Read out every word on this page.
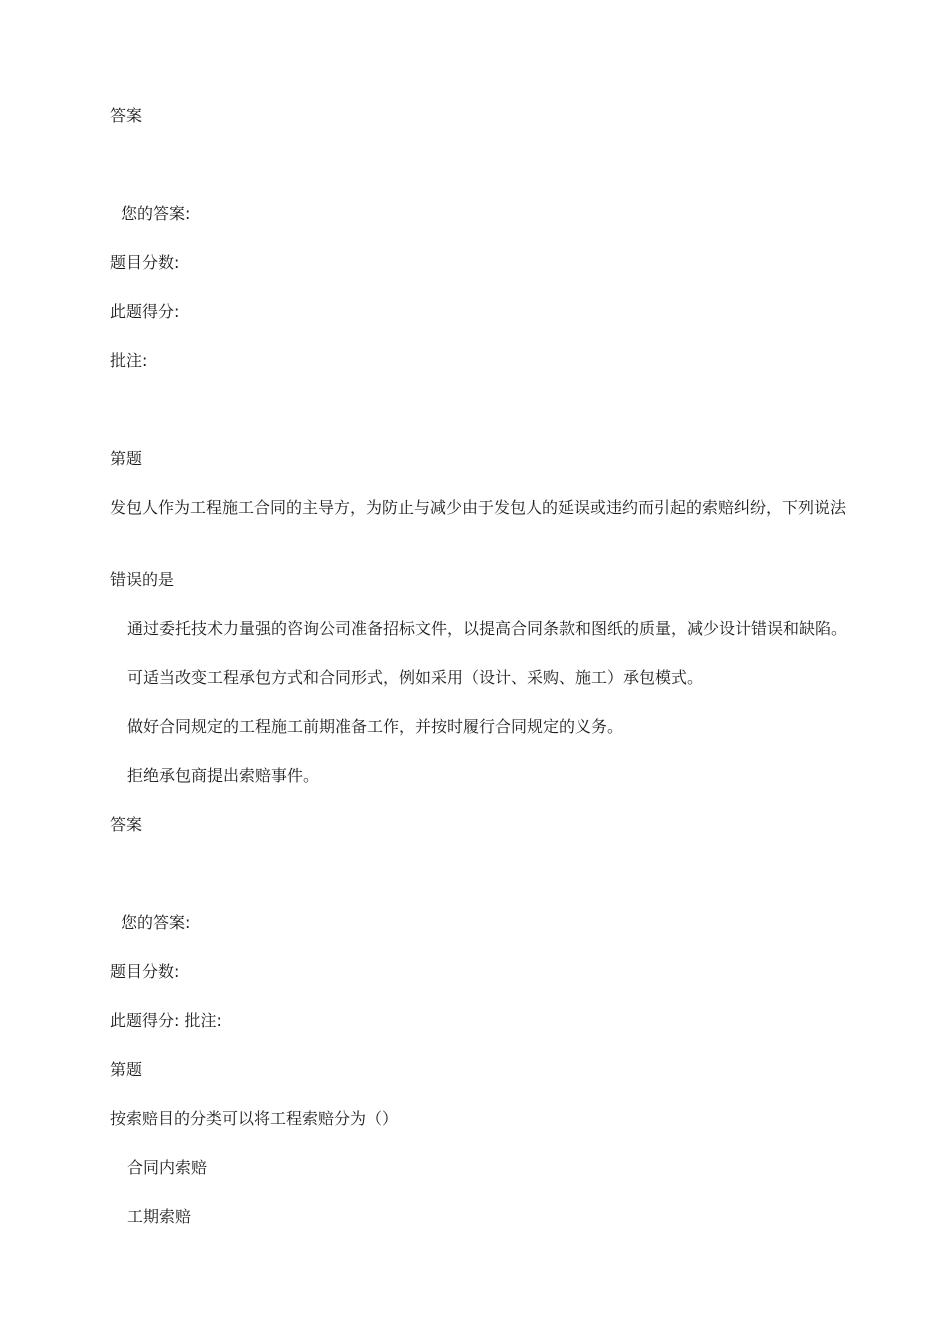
答案
您的答案:
题目分数:
此题得分:
批注:
第题
发包人作为工程施工合同的主导方，为防止与减少由于发包人的延误或违约而引起的索赔纠纷，下列说法
错误的是
通过委托技术力量强的咨询公司准备招标文件，以提高合同条款和图纸的质量，减少设计错误和缺陷。
可适当改变工程承包方式和合同形式，例如采用（设计、采购、施工）承包模式。
做好合同规定的工程施工前期准备工作，并按时履行合同规定的义务。
拒绝承包商提出索赔事件。
答案
您的答案:
题目分数:
此题得分: 批注:
第题
按索赔目的分类可以将工程索赔分为（）
合同内索赔
工期索赔
